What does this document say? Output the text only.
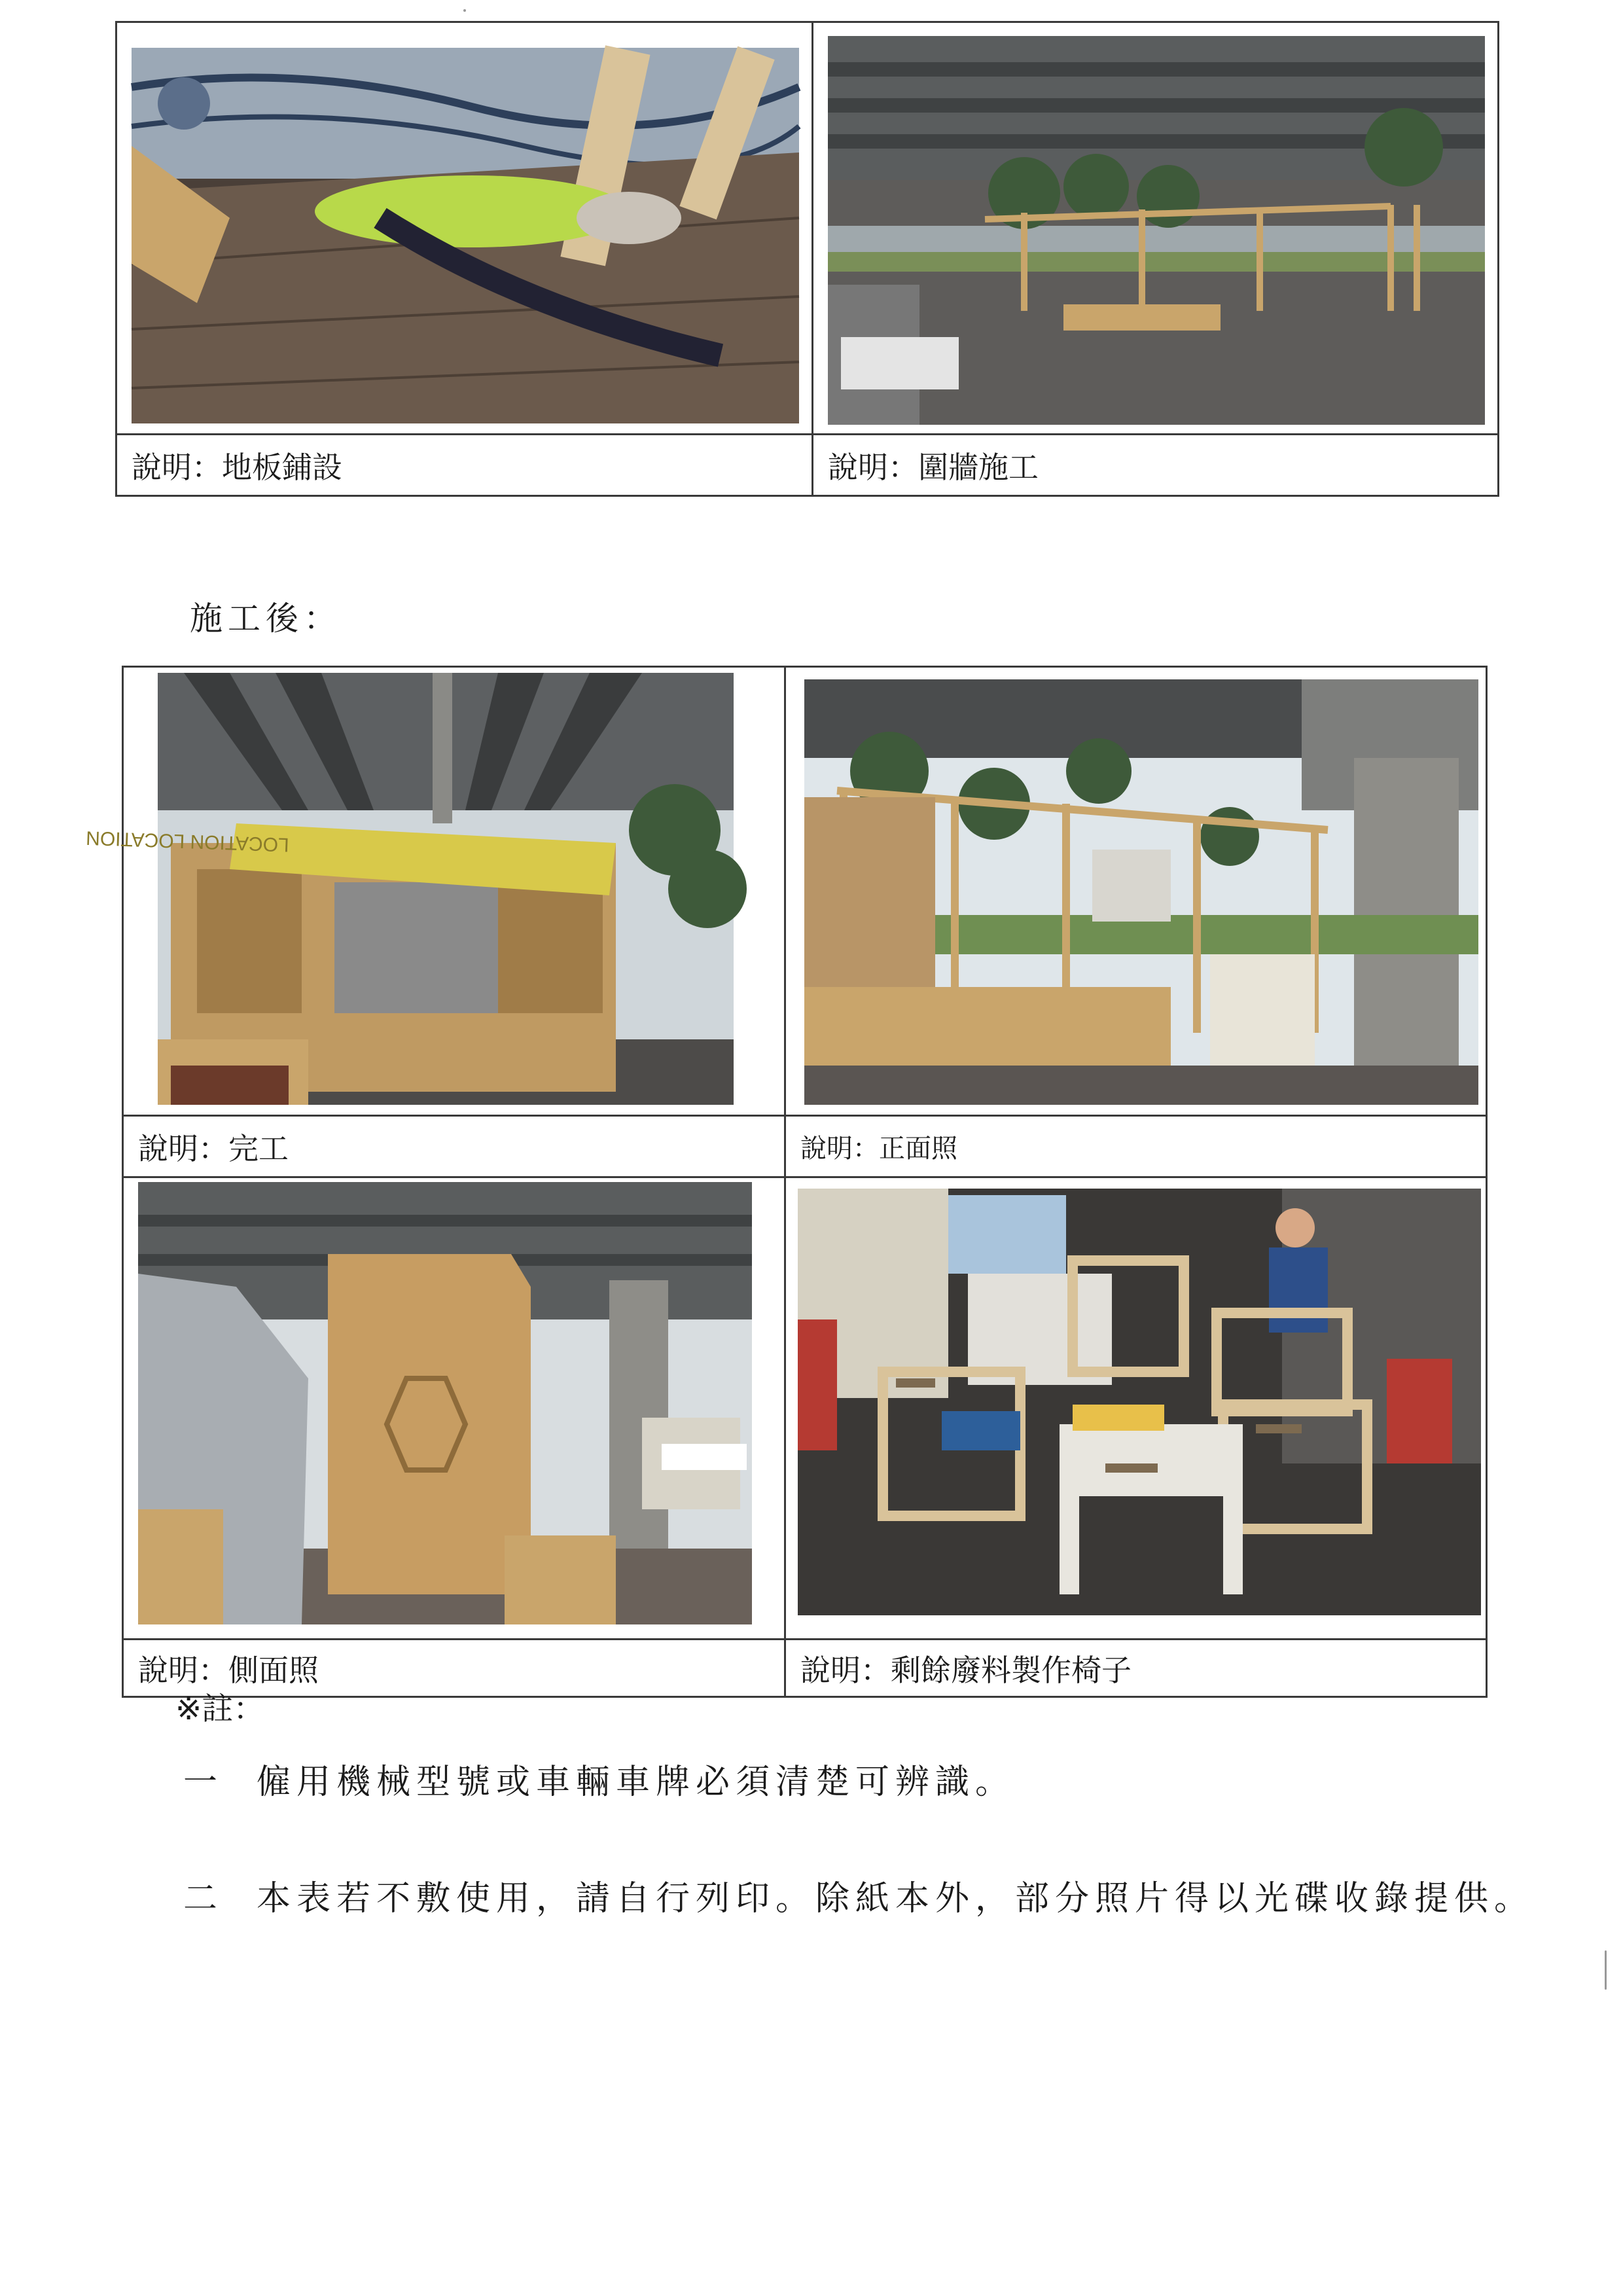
說明：地板鋪設	說明：圍牆施工
施工後：
LOCATION LOCATION

說明：完工	說明：正面照

說明：側面照	說明：剩餘廢料製作椅子
※註：
一 僱用機械型號或車輛車牌必須清楚可辨識。
二 本表若不敷使用，請自行列印。除紙本外，部分照片得以光碟收錄提供。
